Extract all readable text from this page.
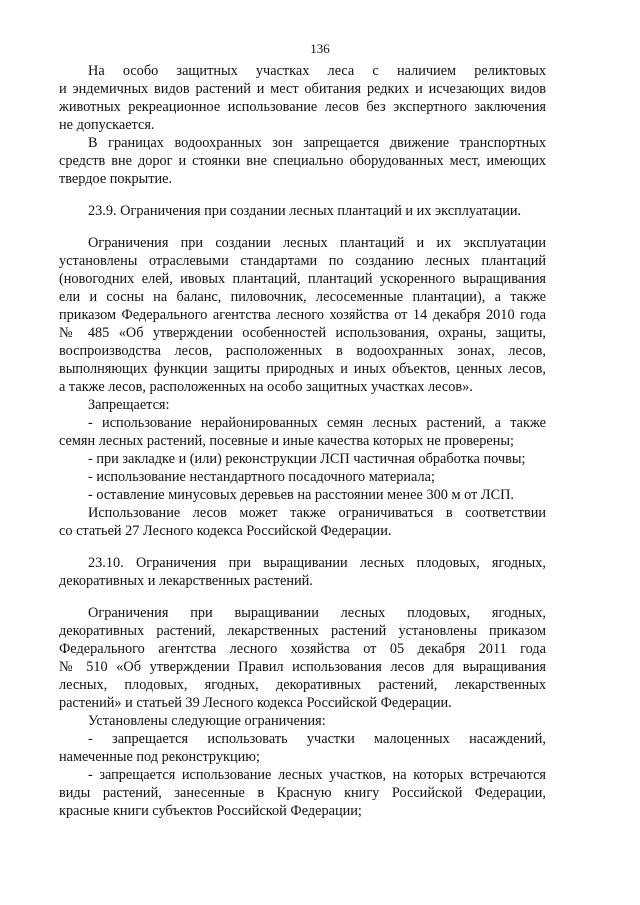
136
На особо защитных участках леса с наличием реликтовых
и эндемичных видов растений и мест обитания редких и исчезающих видов
животных рекреационное использование лесов без экспертного заключения
не допускается.
В границах водоохранных зон запрещается движение транспортных
средств вне дорог и стоянки вне специально оборудованных мест, имеющих
твердое покрытие.
23.9. Ограничения при создании лесных плантаций и их эксплуатации.
Ограничения при создании лесных плантаций и их эксплуатации
установлены отраслевыми стандартами по созданию лесных плантаций
(новогодних елей, ивовых плантаций, плантаций ускоренного выращивания
ели и сосны на баланс, пиловочник, лесосеменные плантации), а также
приказом Федерального агентства лесного хозяйства от 14 декабря 2010 года
№ 485 «Об утверждении особенностей использования, охраны, защиты,
воспроизводства лесов, расположенных в водоохранных зонах, лесов,
выполняющих функции защиты природных и иных объектов, ценных лесов,
а также лесов, расположенных на особо защитных участках лесов».
Запрещается:
- использование нерайонированных семян лесных растений, а также
семян лесных растений, посевные и иные качества которых не проверены;
- при закладке и (или) реконструкции ЛСП частичная обработка почвы;
- использование нестандартного посадочного материала;
- оставление минусовых деревьев на расстоянии менее 300 м от ЛСП.
Использование лесов может также ограничиваться в соответствии
со статьей 27 Лесного кодекса Российской Федерации.
23.10. Ограничения при выращивании лесных плодовых, ягодных,
декоративных и лекарственных растений.
Ограничения при выращивании лесных плодовых, ягодных,
декоративных растений, лекарственных растений установлены приказом
Федерального агентства лесного хозяйства от 05 декабря 2011 года
№ 510 «Об утверждении Правил использования лесов для выращивания
лесных, плодовых, ягодных, декоративных растений, лекарственных
растений» и статьей 39 Лесного кодекса Российской Федерации.
Установлены следующие ограничения:
- запрещается использовать участки малоценных насаждений,
намеченные под реконструкцию;
- запрещается использование лесных участков, на которых встречаются
виды растений, занесенные в Красную книгу Российской Федерации,
красные книги субъектов Российской Федерации;
